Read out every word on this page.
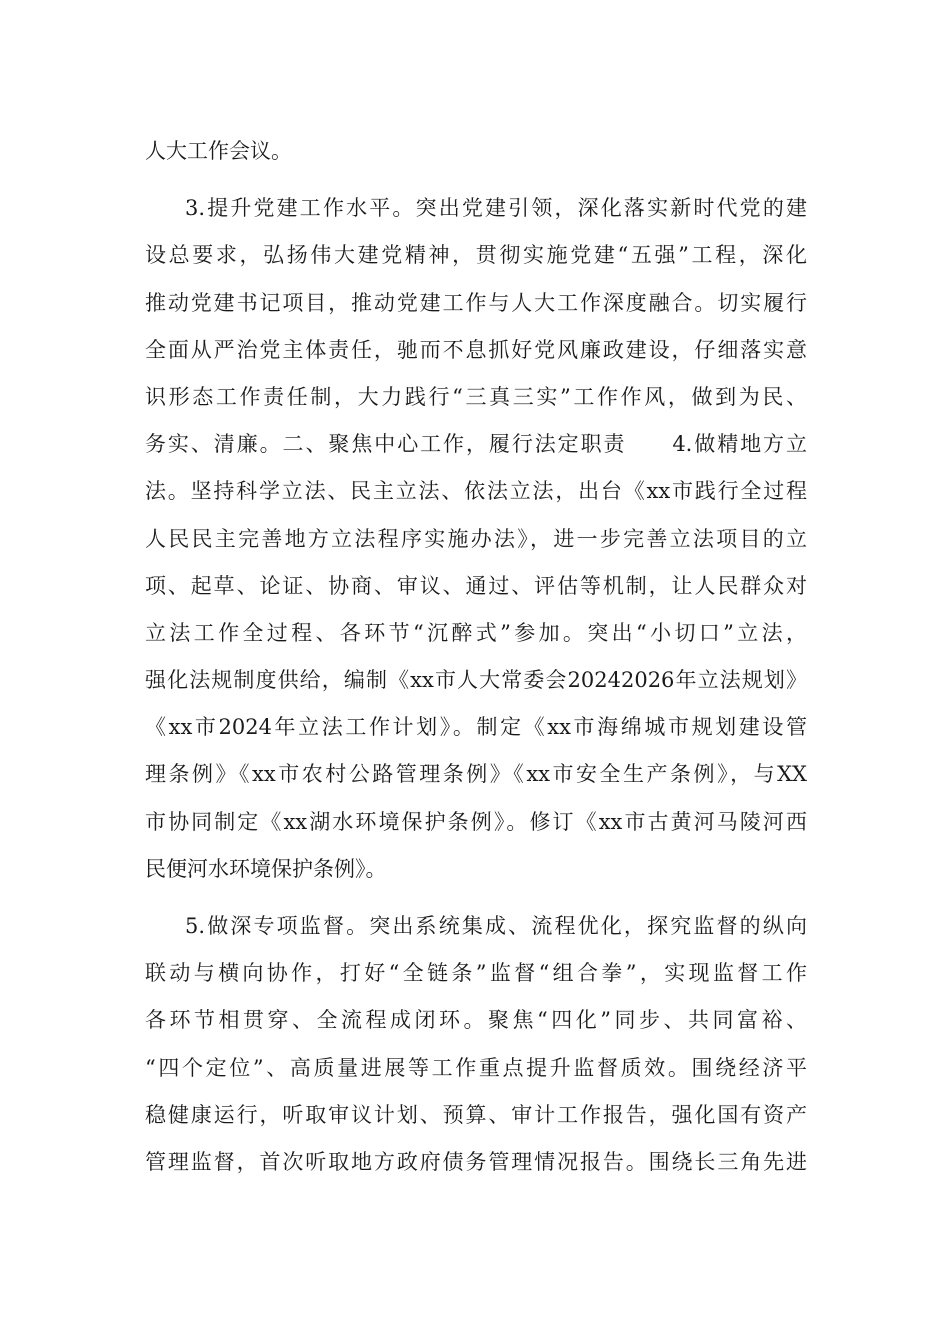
人大工作会议。
3.提升党建工作水平。突出党建引领，深化落实新时代党的建
设总要求，弘扬伟大建党精神，贯彻实施党建“五强”工程，深化
推动党建书记项目，推动党建工作与人大工作深度融合。切实履行
全面从严治党主体责任，驰而不息抓好党风廉政建设，仔细落实意
识形态工作责任制，大力践行“三真三实”工作作风，做到为民、
务实、清廉。二、聚焦中心工作，履行法定职责　　4.做精地方立
法。坚持科学立法、民主立法、依法立法，出台《xx市践行全过程
人民民主完善地方立法程序实施办法》，进一步完善立法项目的立
项、起草、论证、协商、审议、通过、评估等机制，让人民群众对
立法工作全过程、各环节“沉醉式”参加。突出“小切口”立法，
强化法规制度供给，编制《xx市人大常委会20242026年立法规划》
《xx市2024年立法工作计划》。制定《xx市海绵城市规划建设管
理条例》《xx市农村公路管理条例》《xx市安全生产条例》，与XX
市协同制定《xx湖水环境保护条例》。修订《xx市古黄河马陵河西
民便河水环境保护条例》。
5.做深专项监督。突出系统集成、流程优化，探究监督的纵向
联动与横向协作，打好“全链条”监督“组合拳”，实现监督工作
各环节相贯穿、全流程成闭环。聚焦“四化”同步、共同富裕、
“四个定位”、高质量进展等工作重点提升监督质效。围绕经济平
稳健康运行，听取审议计划、预算、审计工作报告，强化国有资产
管理监督，首次听取地方政府债务管理情况报告。围绕长三角先进
